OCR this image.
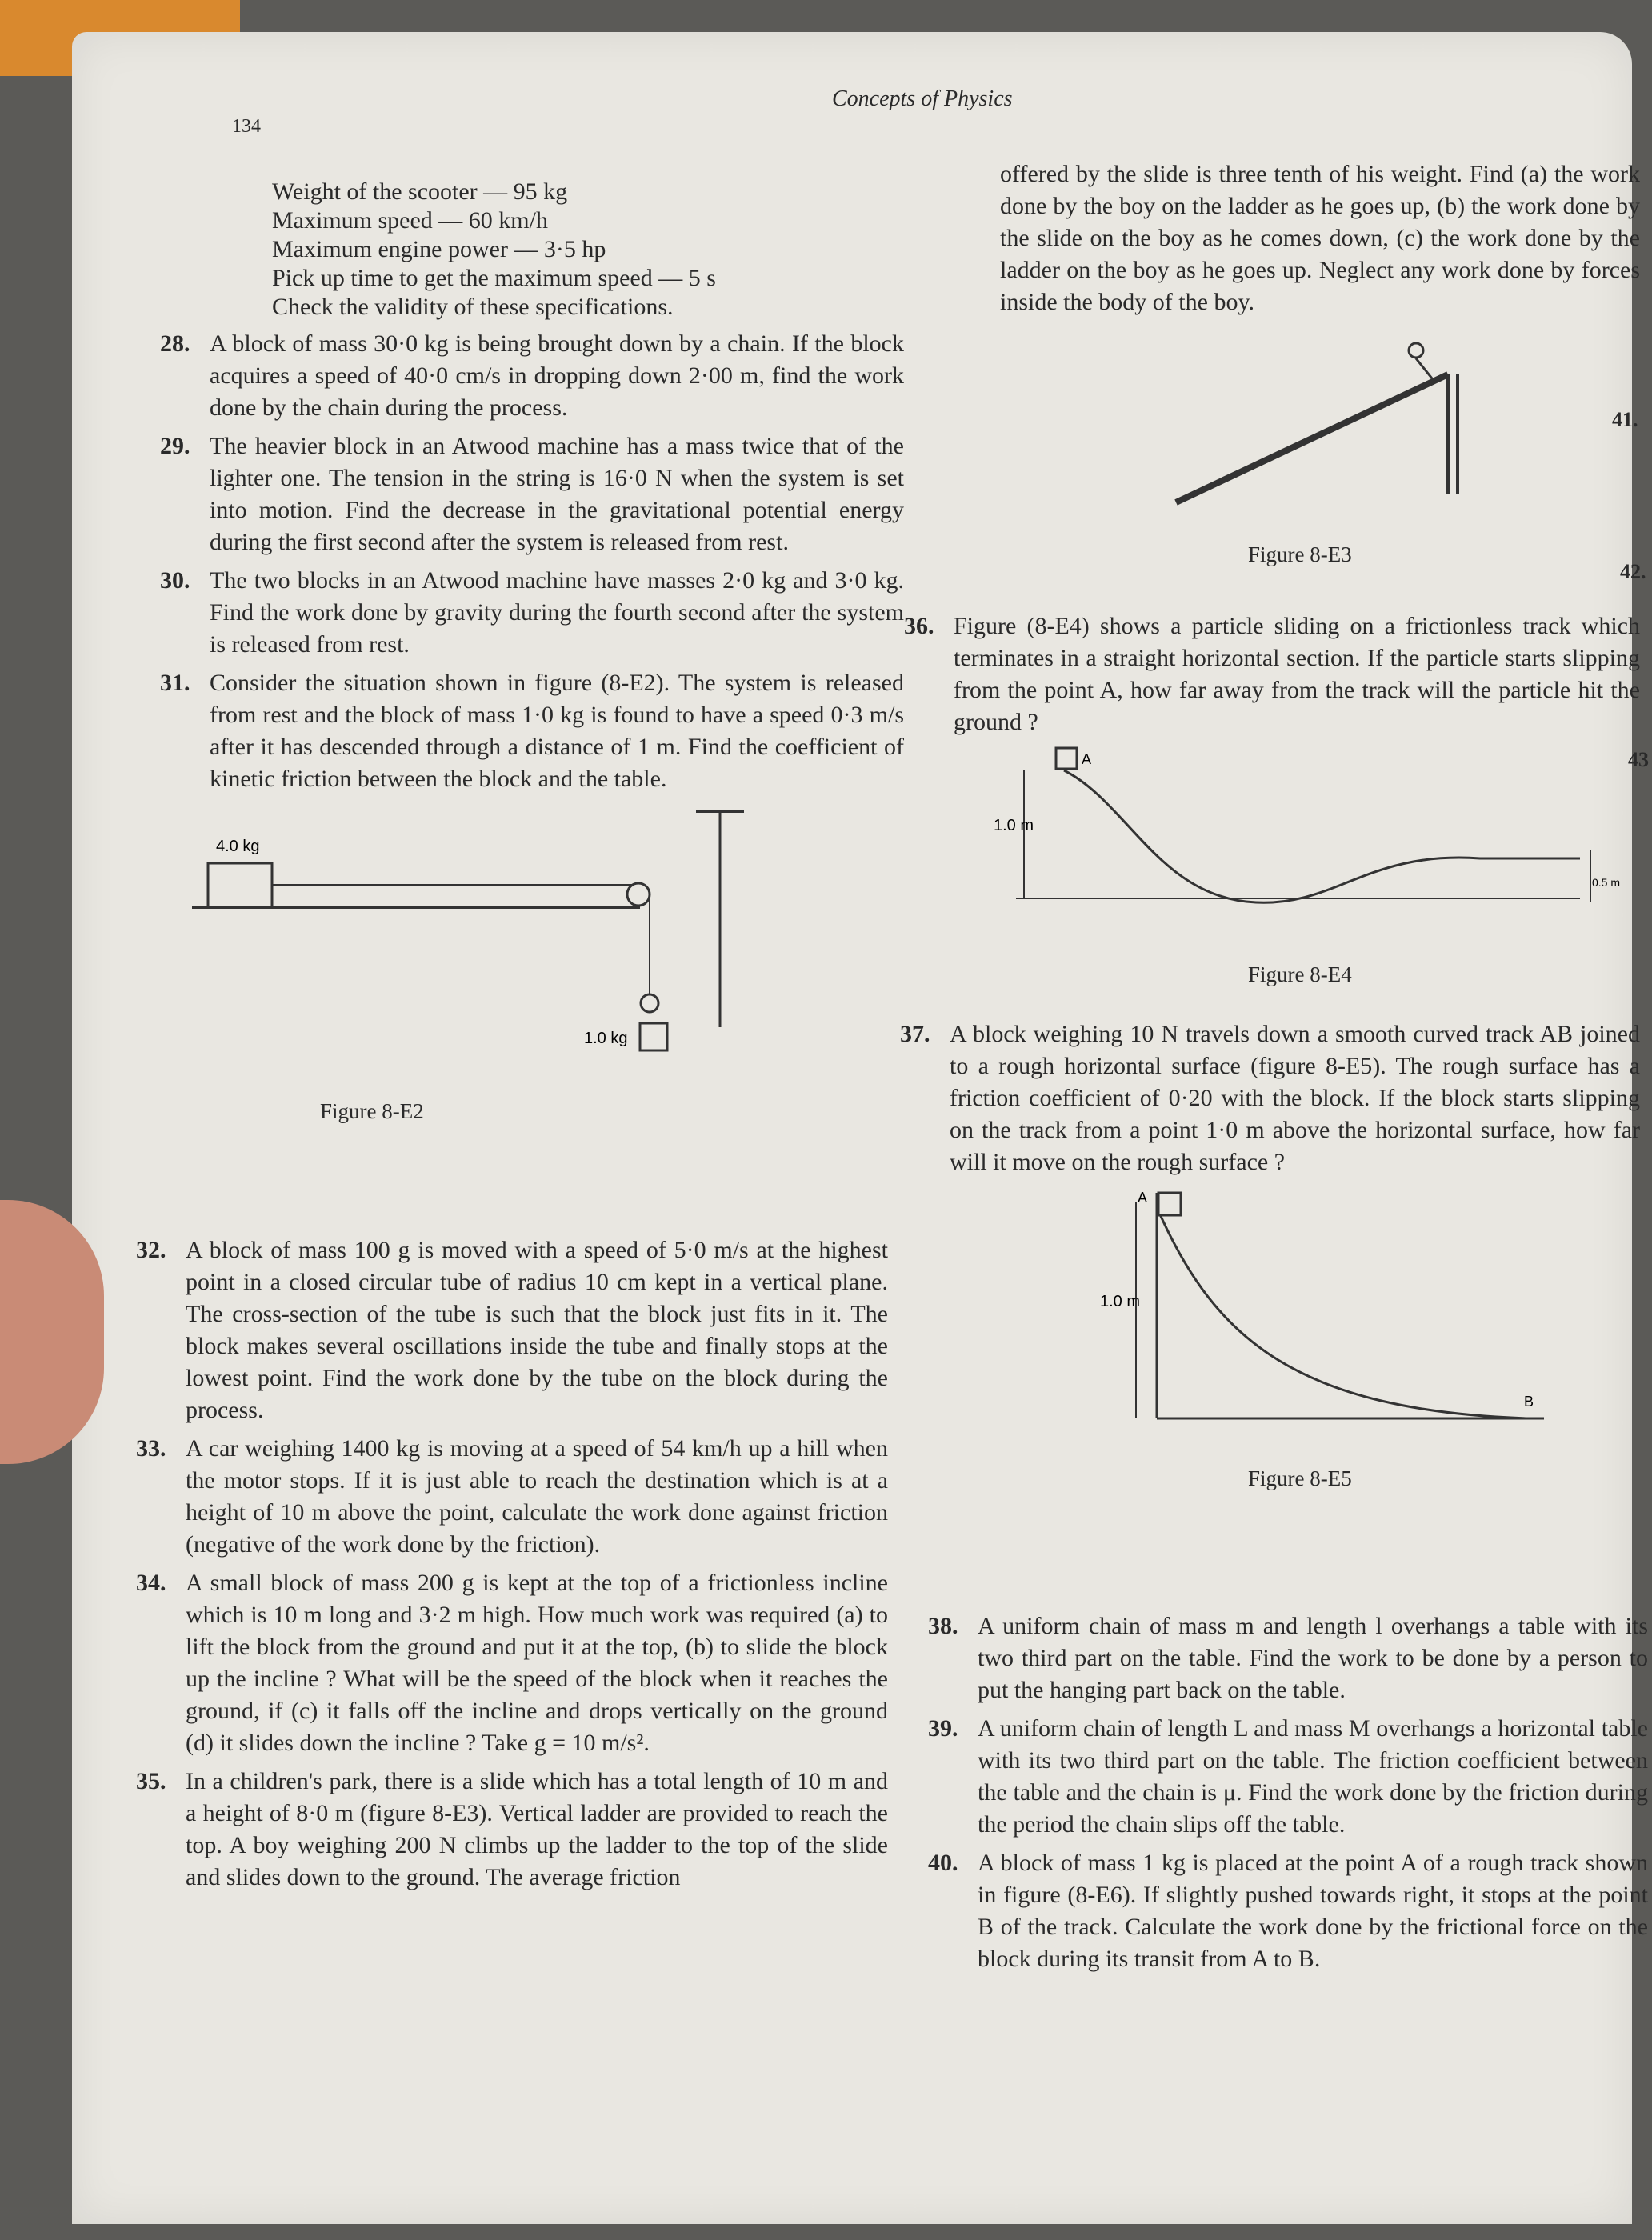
134
Concepts of Physics
41.
42.
43
Weight of the scooter — 95 kg
Maximum speed — 60 km/h
Maximum engine power — 3·5 hp
Pick up time to get the maximum speed — 5 s
Check the validity of these specifications.
28. A block of mass 30·0 kg is being brought down by a chain. If the block acquires a speed of 40·0 cm/s in dropping down 2·00 m, find the work done by the chain during the process.
29. The heavier block in an Atwood machine has a mass twice that of the lighter one. The tension in the string is 16·0 N when the system is set into motion. Find the decrease in the gravitational potential energy during the first second after the system is released from rest.
30. The two blocks in an Atwood machine have masses 2·0 kg and 3·0 kg. Find the work done by gravity during the fourth second after the system is released from rest.
31. Consider the situation shown in figure (8-E2). The system is released from rest and the block of mass 1·0 kg is found to have a speed 0·3 m/s after it has descended through a distance of 1 m. Find the coefficient of kinetic friction between the block and the table.
4.0 kg
1.0 kg
Figure 8-E2
32. A block of mass 100 g is moved with a speed of 5·0 m/s at the highest point in a closed circular tube of radius 10 cm kept in a vertical plane. The cross-section of the tube is such that the block just fits in it. The block makes several oscillations inside the tube and finally stops at the lowest point. Find the work done by the tube on the block during the process.
33. A car weighing 1400 kg is moving at a speed of 54 km/h up a hill when the motor stops. If it is just able to reach the destination which is at a height of 10 m above the point, calculate the work done against friction (negative of the work done by the friction).
34. A small block of mass 200 g is kept at the top of a frictionless incline which is 10 m long and 3·2 m high. How much work was required (a) to lift the block from the ground and put it at the top, (b) to slide the block up the incline ? What will be the speed of the block when it reaches the ground, if (c) it falls off the incline and drops vertically on the ground (d) it slides down the incline ? Take g = 10 m/s².
35. In a children's park, there is a slide which has a total length of 10 m and a height of 8·0 m (figure 8-E3). Vertical ladder are provided to reach the top. A boy weighing 200 N climbs up the ladder to the top of the slide and slides down to the ground. The average friction
offered by the slide is three tenth of his weight. Find (a) the work done by the boy on the ladder as he goes up, (b) the work done by the slide on the boy as he comes down, (c) the work done by the ladder on the boy as he goes up. Neglect any work done by forces inside the body of the boy.
Figure 8-E3
36. Figure (8-E4) shows a particle sliding on a frictionless track which terminates in a straight horizontal section. If the particle starts slipping from the point A, how far away from the track will the particle hit the ground ?
A
1.0 m
0.5 m
Figure 8-E4
37. A block weighing 10 N travels down a smooth curved track AB joined to a rough horizontal surface (figure 8-E5). The rough surface has a friction coefficient of 0·20 with the block. If the block starts slipping on the track from a point 1·0 m above the horizontal surface, how far will it move on the rough surface ?
A
B
1.0 m
Figure 8-E5
38. A uniform chain of mass m and length l overhangs a table with its two third part on the table. Find the work to be done by a person to put the hanging part back on the table.
39. A uniform chain of length L and mass M overhangs a horizontal table with its two third part on the table. The friction coefficient between the table and the chain is μ. Find the work done by the friction during the period the chain slips off the table.
40. A block of mass 1 kg is placed at the point A of a rough track shown in figure (8-E6). If slightly pushed towards right, it stops at the point B of the track. Calculate the work done by the frictional force on the block during its transit from A to B.
